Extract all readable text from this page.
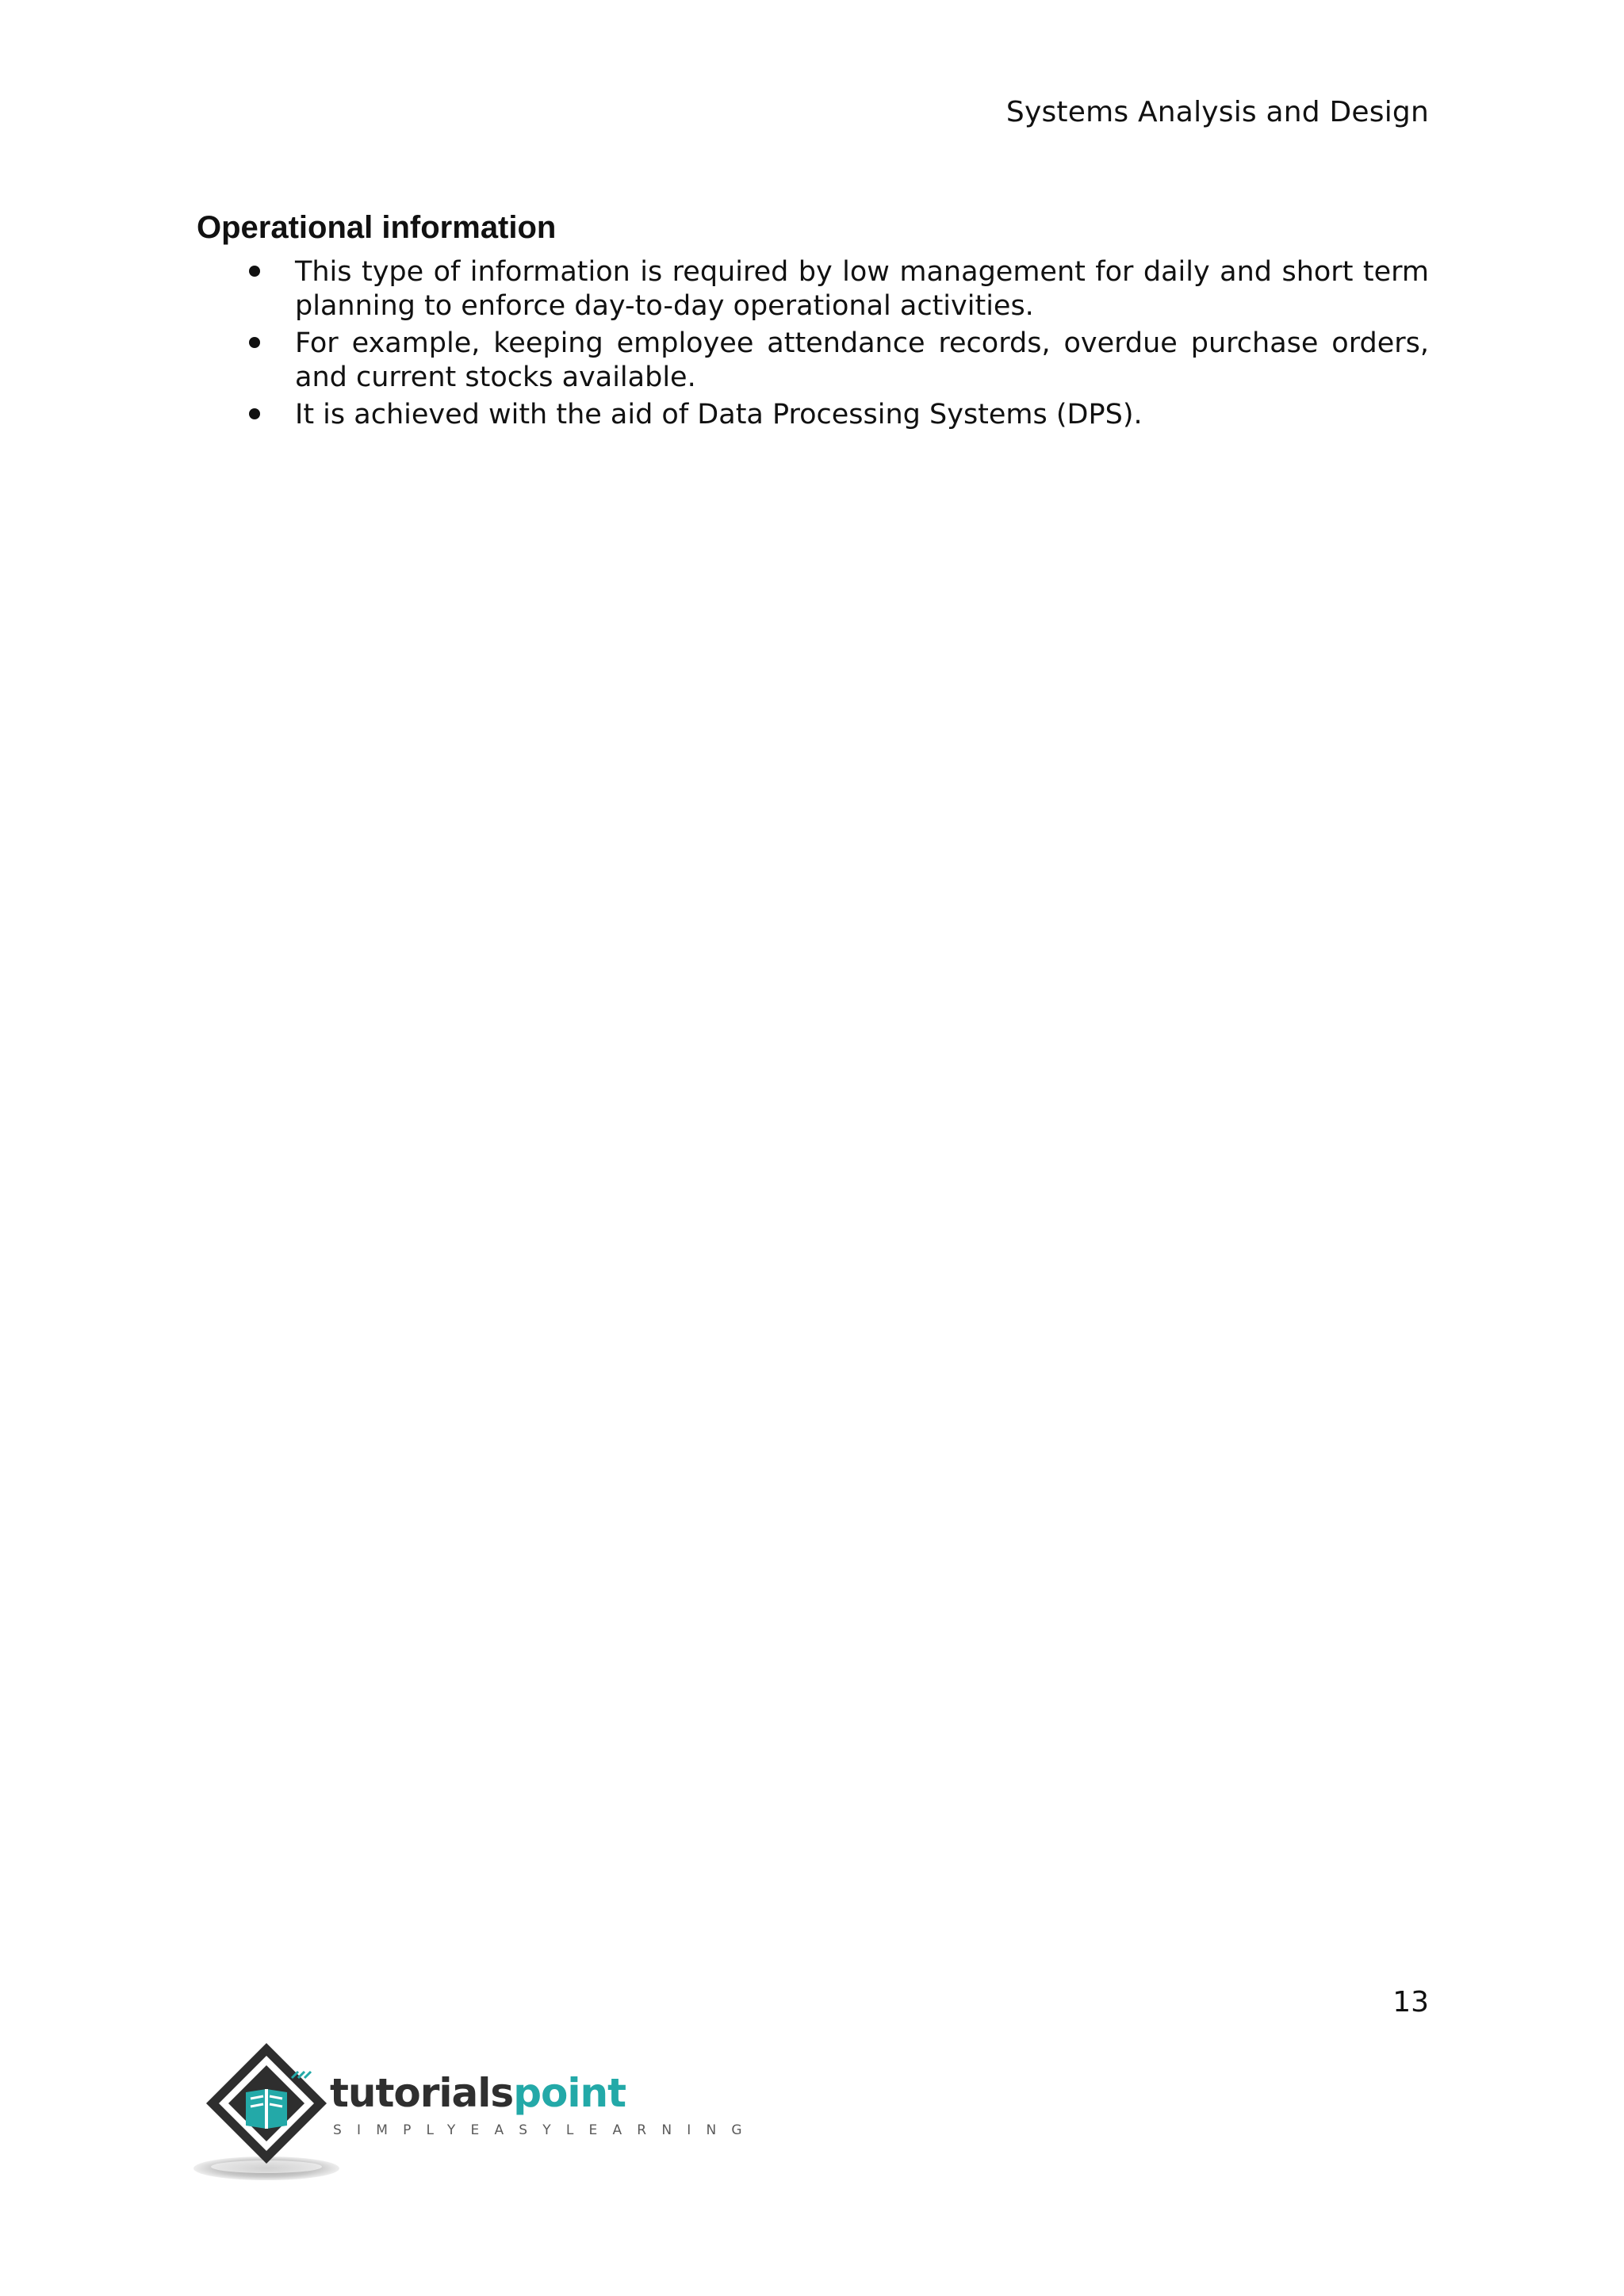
Systems Analysis and Design
Operational information
This type of information is required by low management for daily and short term planning to enforce day-to-day operational activities.
For example, keeping employee attendance records, overdue purchase orders, and current stocks available.
It is achieved with the aid of Data Processing Systems (DPS).
13
tutorialspoint
SIMPLYEASYLEARNING
